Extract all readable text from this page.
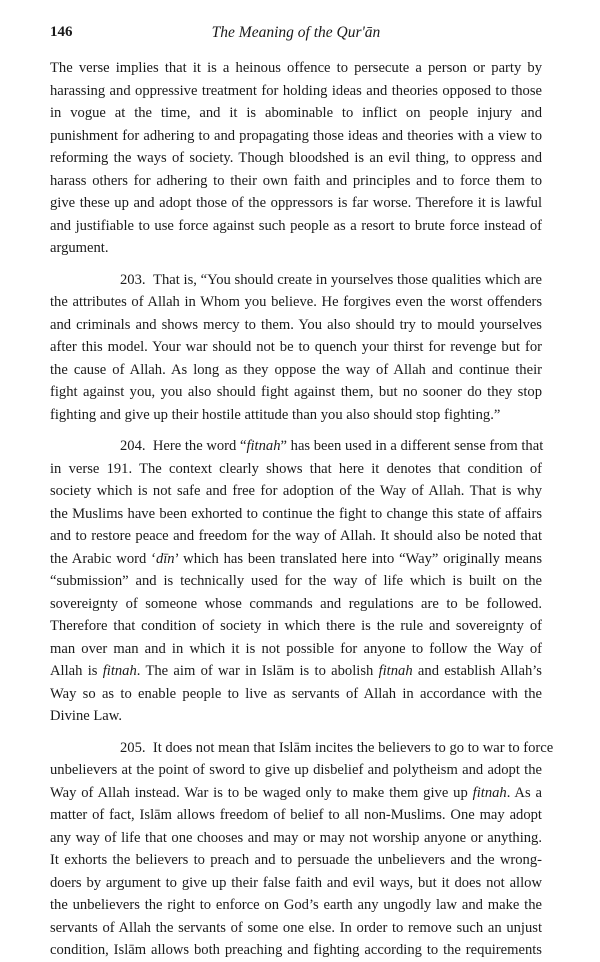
146	The Meaning of the Qur'ān
The verse implies that it is a heinous offence to persecute a person or party by
harassing and oppressive treatment for holding ideas and theories opposed to those
in vogue at the time, and it is abominable to inflict on people injury and
punishment for adhering to and propagating those ideas and theories with a view to
reforming the ways of society. Though bloodshed is an evil thing, to oppress and
harass others for adhering to their own faith and principles and to force them to
give these up and adopt those of the oppressors is far worse. Therefore it is lawful
and justifiable to use force against such people as a resort to brute force instead of
argument.
203. That is, “You should create in yourselves those qualities which are
the attributes of Allah in Whom you believe. He forgives even the worst offenders
and criminals and shows mercy to them. You also should try to mould yourselves
after this model. Your war should not be to quench your thirst for revenge but for
the cause of Allah. As long as they oppose the way of Allah and continue their
fight against you, you also should fight against them, but no sooner do they stop
fighting and give up their hostile attitude than you also should stop fighting.”
204. Here the word “fitnah” has been used in a different sense from that
in verse 191. The context clearly shows that here it denotes that condition of
society which is not safe and free for adoption of the Way of Allah. That is why
the Muslims have been exhorted to continue the fight to change this state of affairs
and to restore peace and freedom for the way of Allah. It should also be noted that
the Arabic word ‘dīn’ which has been translated here into “Way” originally means
“submission” and is technically used for the way of life which is built on the
sovereignty of someone whose commands and regulations are to be followed.
Therefore that condition of society in which there is the rule and sovereignty of
man over man and in which it is not possible for anyone to follow the Way of
Allah is fitnah. The aim of war in Islām is to abolish fitnah and establish Allah’s
Way so as to enable people to live as servants of Allah in accordance with the
Divine Law.
205. It does not mean that Islām incites the believers to go to war to force
unbelievers at the point of sword to give up disbelief and polytheism and adopt the
Way of Allah instead. War is to be waged only to make them give up fitnah. As a
matter of fact, Islām allows freedom of belief to all non-Muslims. One may adopt
any way of life that one chooses and may or may not worship anyone or anything.
It exhorts the believers to preach and to persuade the unbelievers and the wrong-
doers by argument to give up their false faith and evil ways, but it does not allow
the unbelievers the right to enforce on God’s earth any ungodly law and make the
servants of Allah the servants of some one else. In order to remove such an unjust
condition, Islām allows both preaching and fighting according to the requirements
